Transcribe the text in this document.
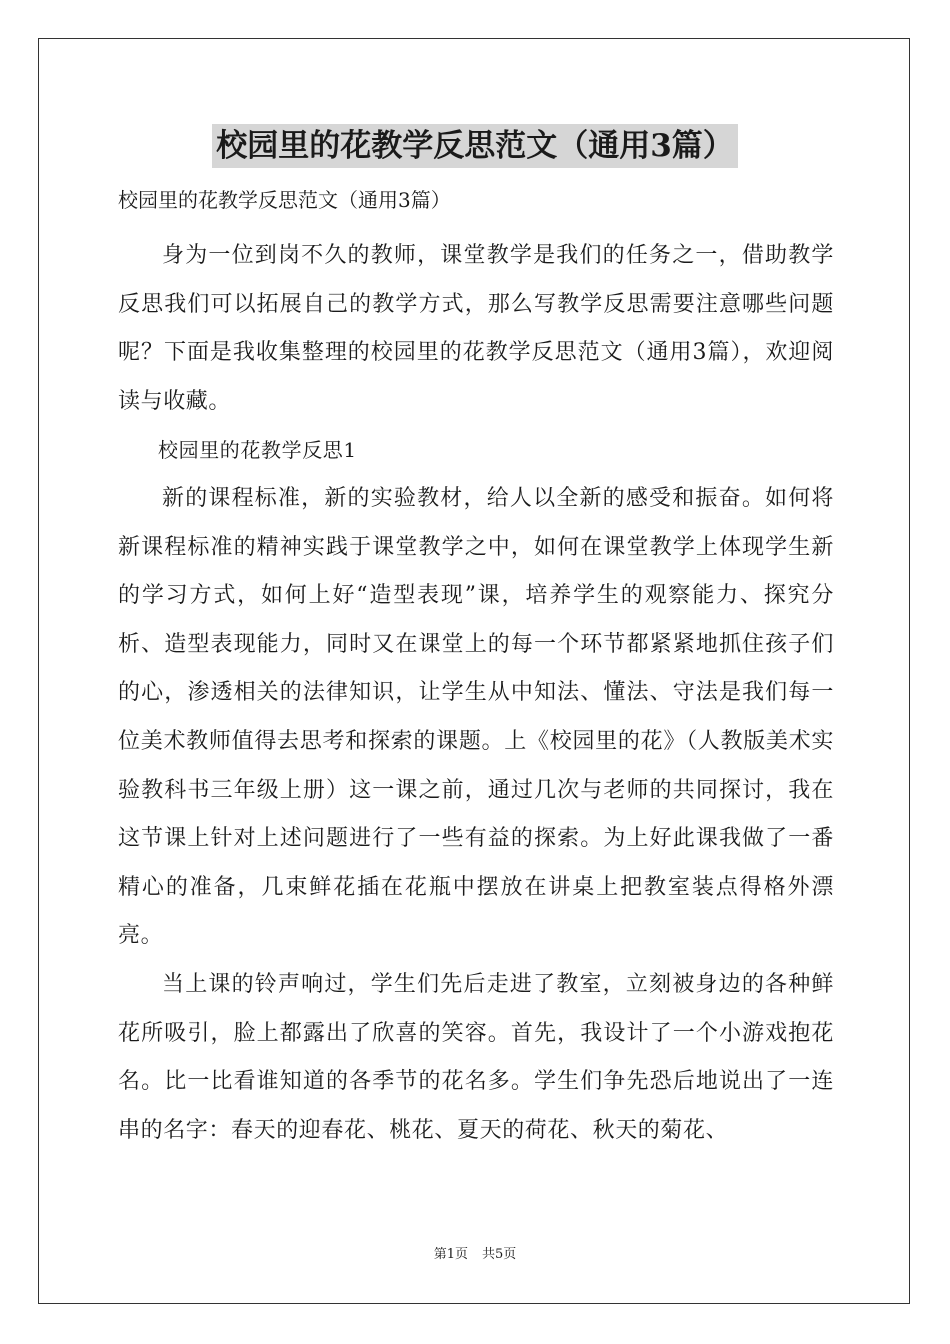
校园里的花教学反思范文（通用3篇）
校园里的花教学反思范文（通用3篇）

身为一位到岗不久的教师，课堂教学是我们的任务之一，借助教学反思我们可以拓展自己的教学方式，那么写教学反思需要注意哪些问题呢？下面是我收集整理的校园里的花教学反思范文（通用3篇），欢迎阅读与收藏。

校园里的花教学反思1

新的课程标准，新的实验教材，给人以全新的感受和振奋。如何将新课程标准的精神实践于课堂教学之中，如何在课堂教学上体现学生新的学习方式，如何上好“造型表现”课，培养学生的观察能力、探究分析、造型表现能力，同时又在课堂上的每一个环节都紧紧地抓住孩子们的心，渗透相关的法律知识，让学生从中知法、懂法、守法是我们每一位美术教师值得去思考和探索的课题。上《校园里的花》（人教版美术实验教科书三年级上册）这一课之前，通过几次与老师的共同探讨，我在这节课上针对上述问题进行了一些有益的探索。为上好此课我做了一番精心的准备，几束鲜花插在花瓶中摆放在讲桌上把教室装点得格外漂亮。

当上课的铃声响过，学生们先后走进了教室，立刻被身边的各种鲜花所吸引，脸上都露出了欣喜的笑容。首先，我设计了一个小游戏抱花名。比一比看谁知道的各季节的花名多。学生们争先恐后地说出了一连串的名字：春天的迎春花、桃花、夏天的荷花、秋天的菊花、

第1页 共5页
